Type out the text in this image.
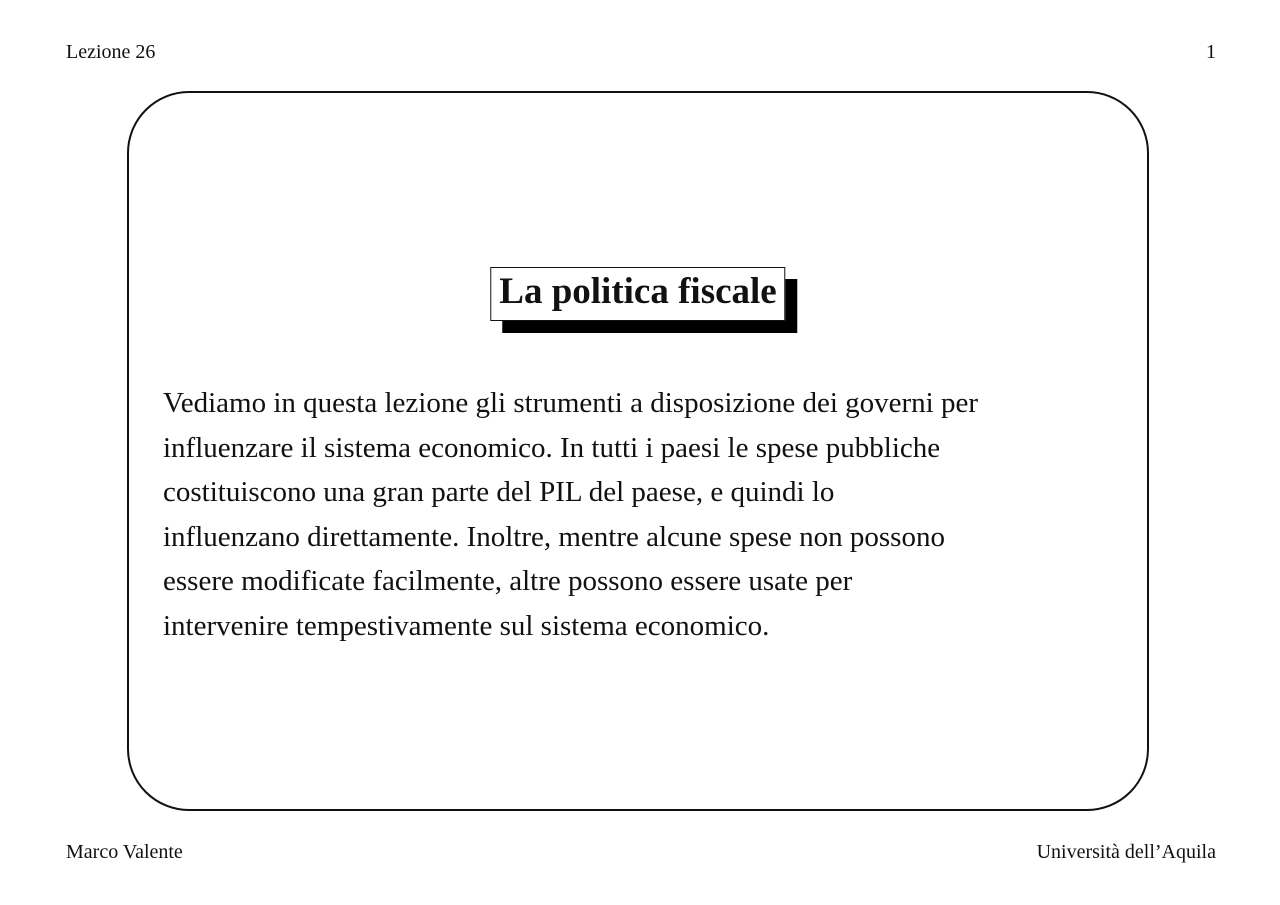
Lezione 26	1
La politica fiscale

Vediamo in questa lezione gli strumenti a disposizione dei governi per
influenzare il sistema economico. In tutti i paesi le spese pubbliche
costituiscono una gran parte del PIL del paese, e quindi lo
influenzano direttamente. Inoltre, mentre alcune spese non possono
essere modificate facilmente, altre possono essere usate per
intervenire tempestivamente sul sistema economico.

Marco Valente	Università dell’Aquila
